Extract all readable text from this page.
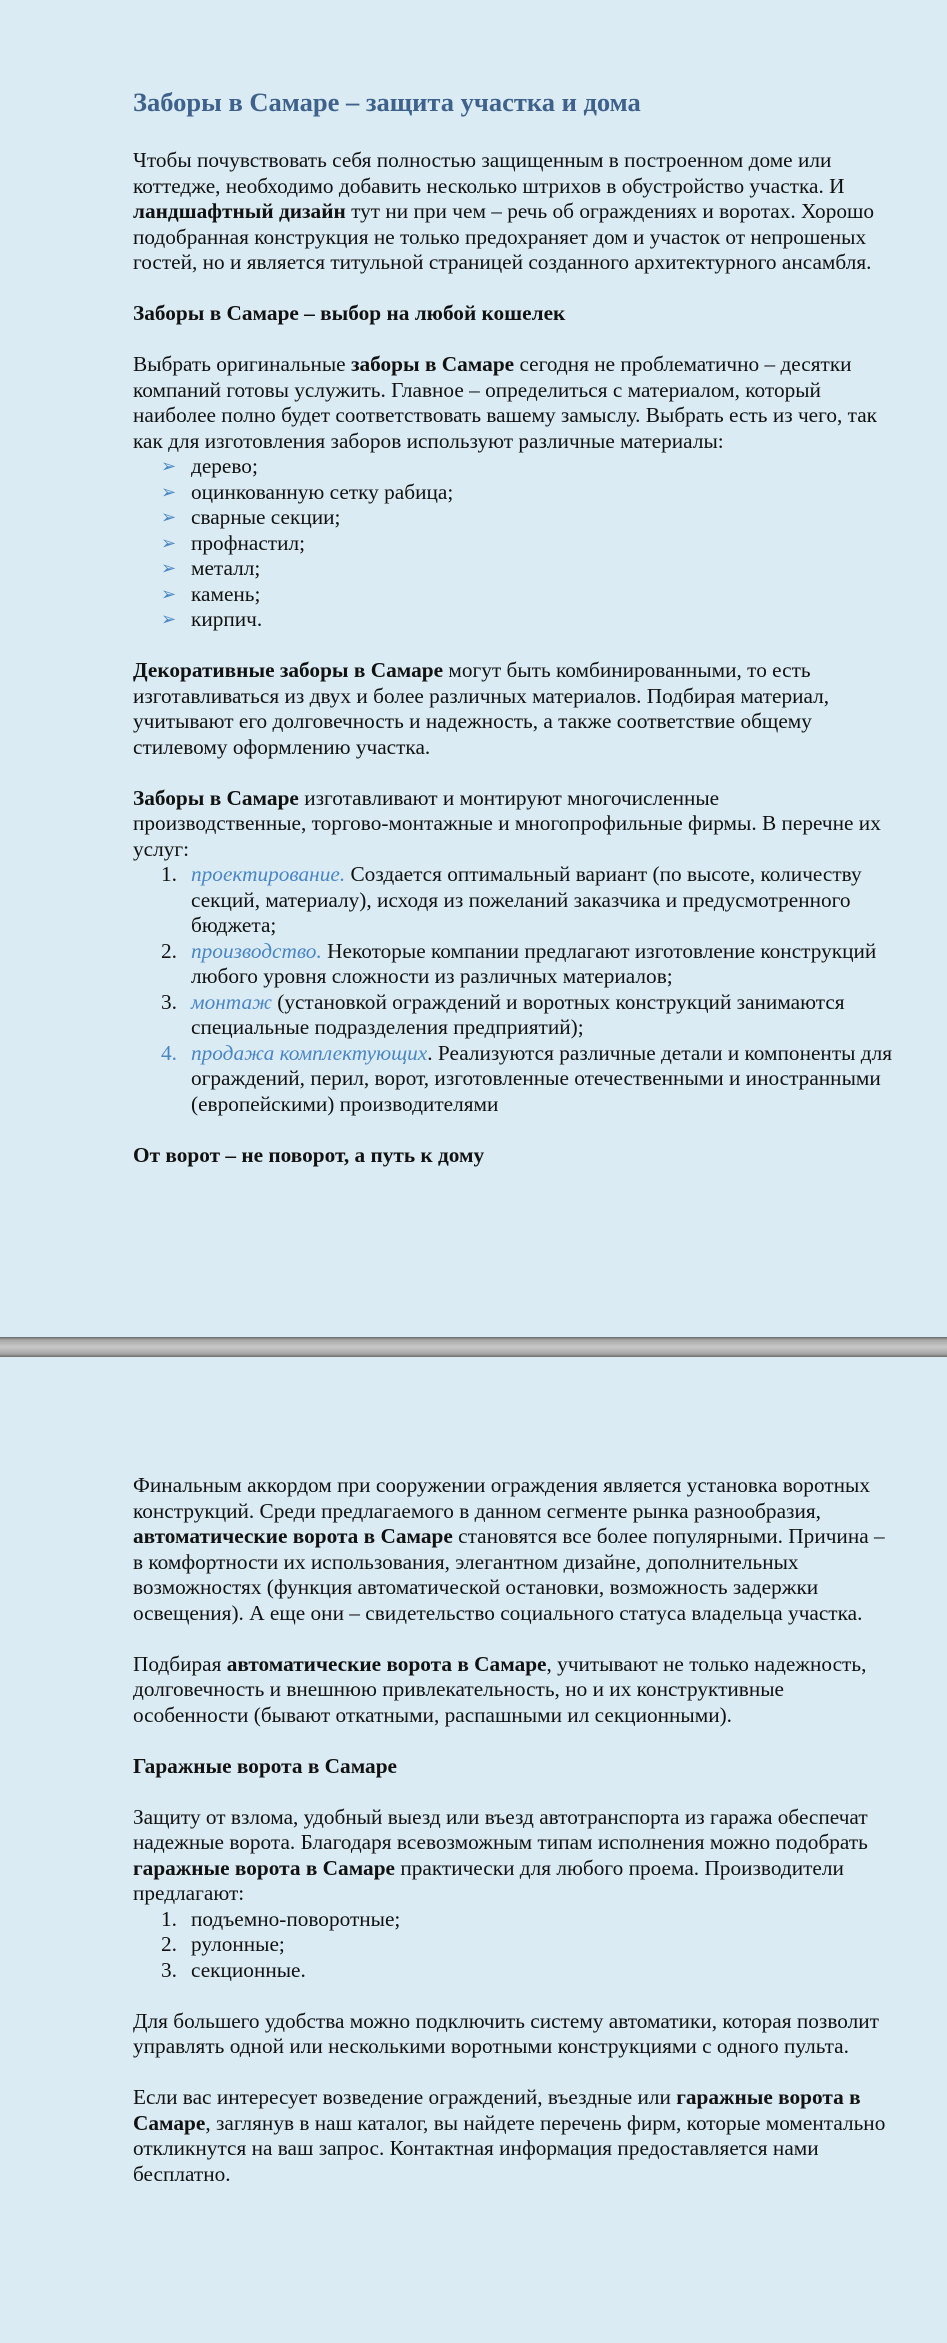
Заборы в Самаре – защита участка и дома

Чтобы почувствовать себя полностью защищенным в построенном доме или коттедже, необходимо добавить несколько штрихов в обустройство участка. И ландшафтный дизайн тут ни при чем – речь об ограждениях и воротах. Хорошо подобранная конструкция не только предохраняет дом и участок от непрошеных гостей, но и является титульной страницей созданного архитектурного ансамбля.

Заборы в Самаре – выбор на любой кошелек

Выбрать оригинальные заборы в Самаре сегодня не проблематично – десятки компаний готовы услужить. Главное – определиться с материалом, который наиболее полно будет соответствовать вашему замыслу. Выбрать есть из чего, так как для изготовления заборов используют различные материалы:

➢ дерево;
➢ оцинкованную сетку рабица;
➢ сварные секции;
➢ профнастил;
➢ металл;
➢ камень;
➢ кирпич.

Декоративные заборы в Самаре могут быть комбинированными, то есть изготавливаться из двух и более различных материалов. Подбирая материал, учитывают его долговечность и надежность, а также соответствие общему стилевому оформлению участка.

Заборы в Самаре изготавливают и монтируют многочисленные производственные, торгово-монтажные и многопрофильные фирмы. В перечне их услуг:

1. проектирование. Создается оптимальный вариант (по высоте, количеству секций, материалу), исходя из пожеланий заказчика и предусмотренного бюджета;
2. производство. Некоторые компании предлагают изготовление конструкций любого уровня сложности из различных материалов;
3. монтаж (установкой ограждений и воротных конструкций занимаются специальные подразделения предприятий);
4. продажа комплектующих. Реализуются различные детали и компоненты для ограждений, перил, ворот, изготовленные отечественными и иностранными (европейскими) производителями

От ворот – не поворот, а путь к дому

Финальным аккордом при сооружении ограждения является установка воротных конструкций. Среди предлагаемого в данном сегменте рынка разнообразия, автоматические ворота в Самаре становятся все более популярными. Причина – в комфортности их использования, элегантном дизайне, дополнительных возможностях (функция автоматической остановки, возможность задержки освещения). А еще они – свидетельство социального статуса владельца участка.

Подбирая автоматические ворота в Самаре, учитывают не только надежность, долговечность и внешнюю привлекательность, но и их конструктивные особенности (бывают откатными, распашными ил секционными).

Гаражные ворота в Самаре

Защиту от взлома, удобный выезд или въезд автотранспорта из гаража обеспечат надежные ворота. Благодаря всевозможным типам исполнения можно подобрать гаражные ворота в Самаре практически для любого проема. Производители предлагают:

1. подъемно-поворотные;
2. рулонные;
3. секционные.

Для большего удобства можно подключить систему автоматики, которая позволит управлять одной или несколькими воротными конструкциями с одного пульта.

Если вас интересует возведение ограждений, въездные или гаражные ворота в Самаре, заглянув в наш каталог, вы найдете перечень фирм, которые моментально откликнутся на ваш запрос. Контактная информация предоставляется нами бесплатно.
